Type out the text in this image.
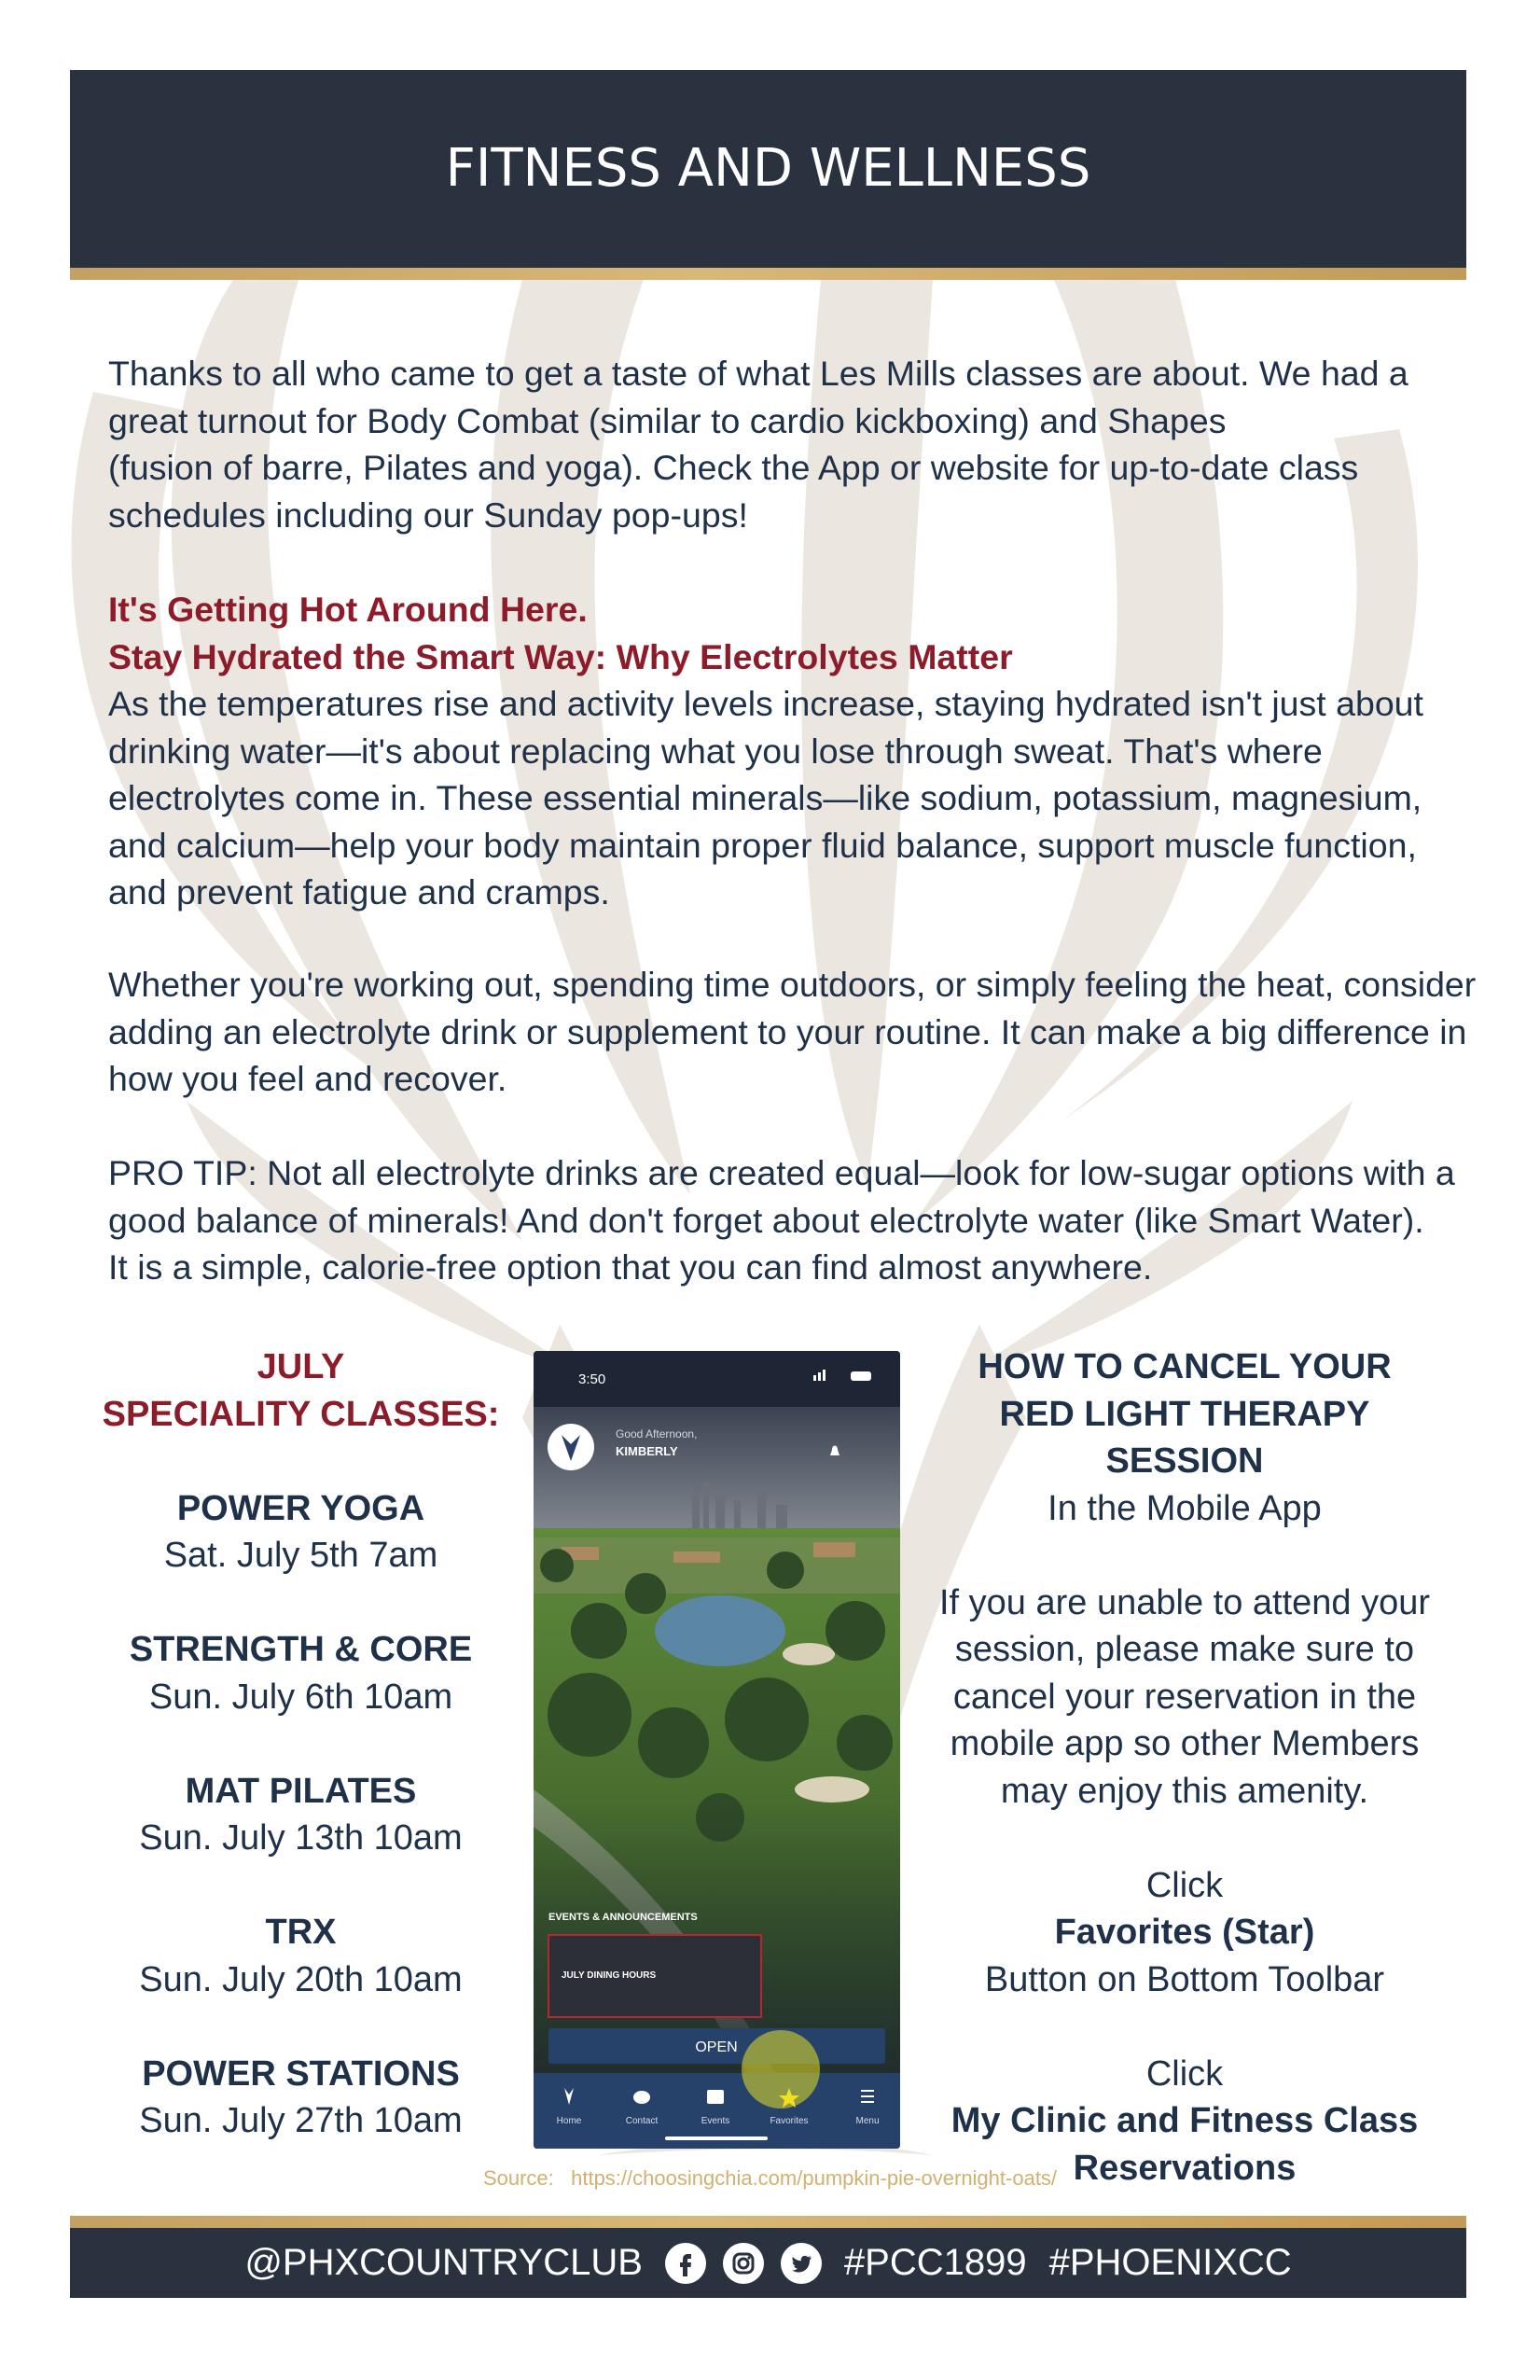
FITNESS AND WELLNESS
Thanks to all who came to get a taste of what Les Mills classes are about. We had a
great turnout for Body Combat (similar to cardio kickboxing) and Shapes
(fusion of barre, Pilates and yoga). Check the App or website for up-to-date class
schedules including our Sunday pop-ups!
It's Getting Hot Around Here.
Stay Hydrated the Smart Way: Why Electrolytes Matter
As the temperatures rise and activity levels increase, staying hydrated isn't just about
drinking water—it's about replacing what you lose through sweat. That's where
electrolytes come in. These essential minerals—like sodium, potassium, magnesium,
and calcium—help your body maintain proper fluid balance, support muscle function,
and prevent fatigue and cramps.
Whether you're working out, spending time outdoors, or simply feeling the heat, consider
adding an electrolyte drink or supplement to your routine. It can make a big difference in
how you feel and recover.
PRO TIP: Not all electrolyte drinks are created equal—look for low-sugar options with a
good balance of minerals! And don't forget about electrolyte water (like Smart Water).
It is a simple, calorie-free option that you can find almost anywhere.
JULY
SPECIALITY CLASSES:
POWER YOGA
Sat. July 5th 7am
STRENGTH & CORE
Sun. July 6th 10am
MAT PILATES
Sun. July 13th 10am
TRX
Sun. July 20th 10am
POWER STATIONS
Sun. July 27th 10am
3:50
Good Afternoon,
KIMBERLY
EVENTS & ANNOUNCEMENTS
JULY DINING HOURS
OPEN
Home	Contact	Events	Favorites	Menu
HOW TO CANCEL YOUR
RED LIGHT THERAPY SESSION
In the Mobile App
If you are unable to attend your
session, please make sure to
cancel your reservation in the
mobile app so other Members
may enjoy this amenity.
Click
Favorites (Star)
Button on Bottom Toolbar
Click
My Clinic and Fitness Class
Reservations
Source: https://choosingchia.com/pumpkin-pie-overnight-oats/
@PHXCOUNTRYCLUB	#PCC1899 #PHOENIXCC
